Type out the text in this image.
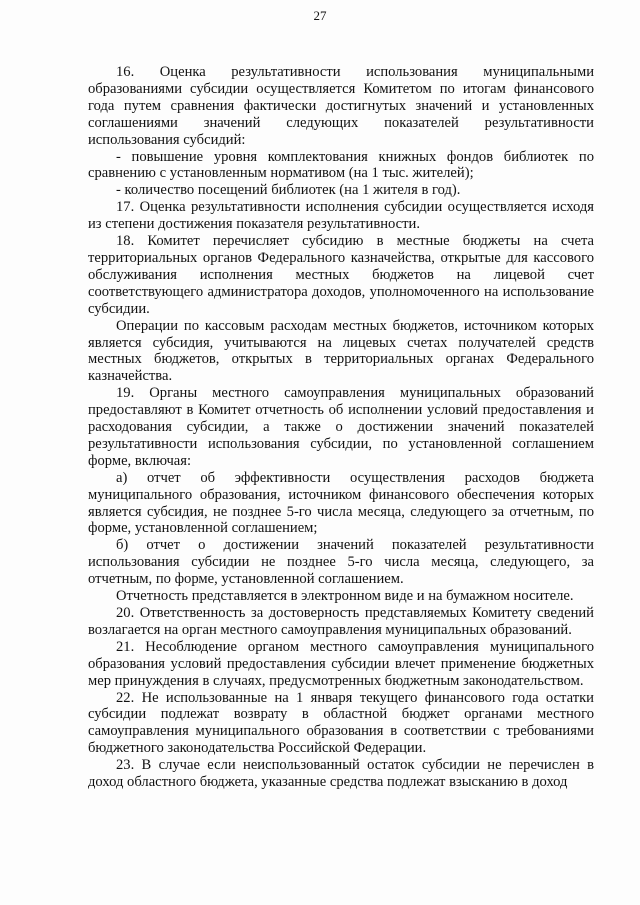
27

16. Оценка результативности использования муниципальными образованиями субсидии осуществляется Комитетом по итогам финансового года путем сравнения фактически достигнутых значений и установленных соглашениями значений следующих показателей результативности использования субсидий:

- повышение уровня комплектования книжных фондов библиотек по сравнению с установленным нормативом (на 1 тыс. жителей);

- количество посещений библиотек (на 1 жителя в год).

17. Оценка результативности исполнения субсидии осуществляется исходя из степени достижения показателя результативности.

18. Комитет перечисляет субсидию в местные бюджеты на счета территориальных органов Федерального казначейства, открытые для кассового обслуживания исполнения местных бюджетов на лицевой счет соответствующего администратора доходов, уполномоченного на использование субсидии.

Операции по кассовым расходам местных бюджетов, источником которых является субсидия, учитываются на лицевых счетах получателей средств местных бюджетов, открытых в территориальных органах Федерального казначейства.

19. Органы местного самоуправления муниципальных образований предоставляют в Комитет отчетность об исполнении условий предоставления и расходования субсидии, а также о достижении значений показателей результативности использования субсидии, по установленной соглашением форме, включая:

а) отчет об эффективности осуществления расходов бюджета муниципального образования, источником финансового обеспечения которых является субсидия, не позднее 5-го числа месяца, следующего за отчетным, по форме, установленной соглашением;

б) отчет о достижении значений показателей результативности использования субсидии не позднее 5-го числа месяца, следующего, за отчетным, по форме, установленной соглашением.

Отчетность представляется в электронном виде и на бумажном носителе.

20. Ответственность за достоверность представляемых Комитету сведений возлагается на орган местного самоуправления муниципальных образований.

21. Несоблюдение органом местного самоуправления муниципального образования условий предоставления субсидии влечет применение бюджетных мер принуждения в случаях, предусмотренных бюджетным законодательством.

22. Не использованные на 1 января текущего финансового года остатки субсидии подлежат возврату в областной бюджет органами местного самоуправления муниципального образования в соответствии с требованиями бюджетного законодательства Российской Федерации.

23. В случае если неиспользованный остаток субсидии не перечислен в доход областного бюджета, указанные средства подлежат взысканию в доход
